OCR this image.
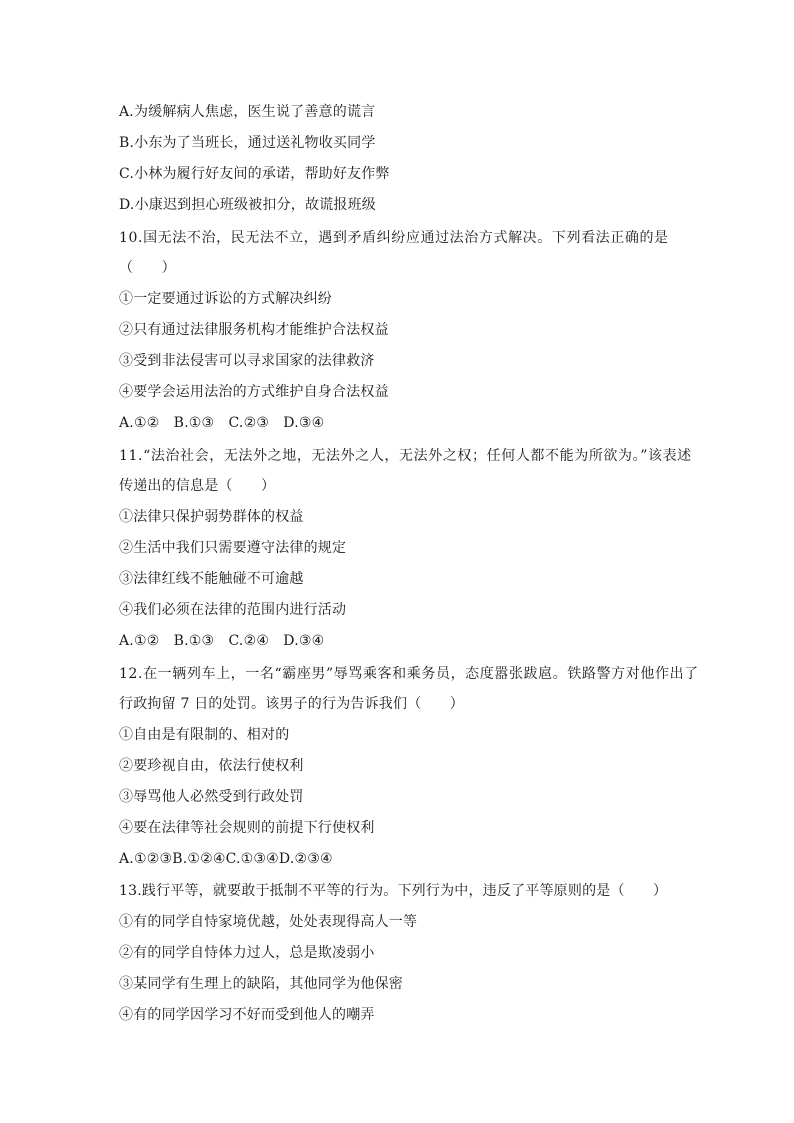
A.为缓解病人焦虑，医生说了善意的谎言
B.小东为了当班长，通过送礼物收买同学
C.小林为履行好友间的承诺，帮助好友作弊
D.小康迟到担心班级被扣分，故谎报班级
10.国无法不治，民无法不立，遇到矛盾纠纷应通过法治方式解决。下列看法正确的是
（　　）
①一定要通过诉讼的方式解决纠纷
②只有通过法律服务机构才能维护合法权益
③受到非法侵害可以寻求国家的法律救济
④要学会运用法治的方式维护自身合法权益
A.①②　B.①③　C.②③　D.③④
11.“法治社会，无法外之地，无法外之人，无法外之权；任何人都不能为所欲为。”该表述
传递出的信息是（　　）
①法律只保护弱势群体的权益
②生活中我们只需要遵守法律的规定
③法律红线不能触碰不可逾越
④我们必须在法律的范围内进行活动
A.①②　B.①③　C.②④　D.③④
12.在一辆列车上，一名“霸座男”辱骂乘客和乘务员，态度嚣张跋扈。铁路警方对他作出了
行政拘留 7 日的处罚。该男子的行为告诉我们（　　）
①自由是有限制的、相对的
②要珍视自由，依法行使权利
③辱骂他人必然受到行政处罚
④要在法律等社会规则的前提下行使权利
A.①②③B.①②④C.①③④D.②③④
13.践行平等，就要敢于抵制不平等的行为。下列行为中，违反了平等原则的是（　　）
①有的同学自恃家境优越，处处表现得高人一等
②有的同学自恃体力过人，总是欺凌弱小
③某同学有生理上的缺陷，其他同学为他保密
④有的同学因学习不好而受到他人的嘲弄
